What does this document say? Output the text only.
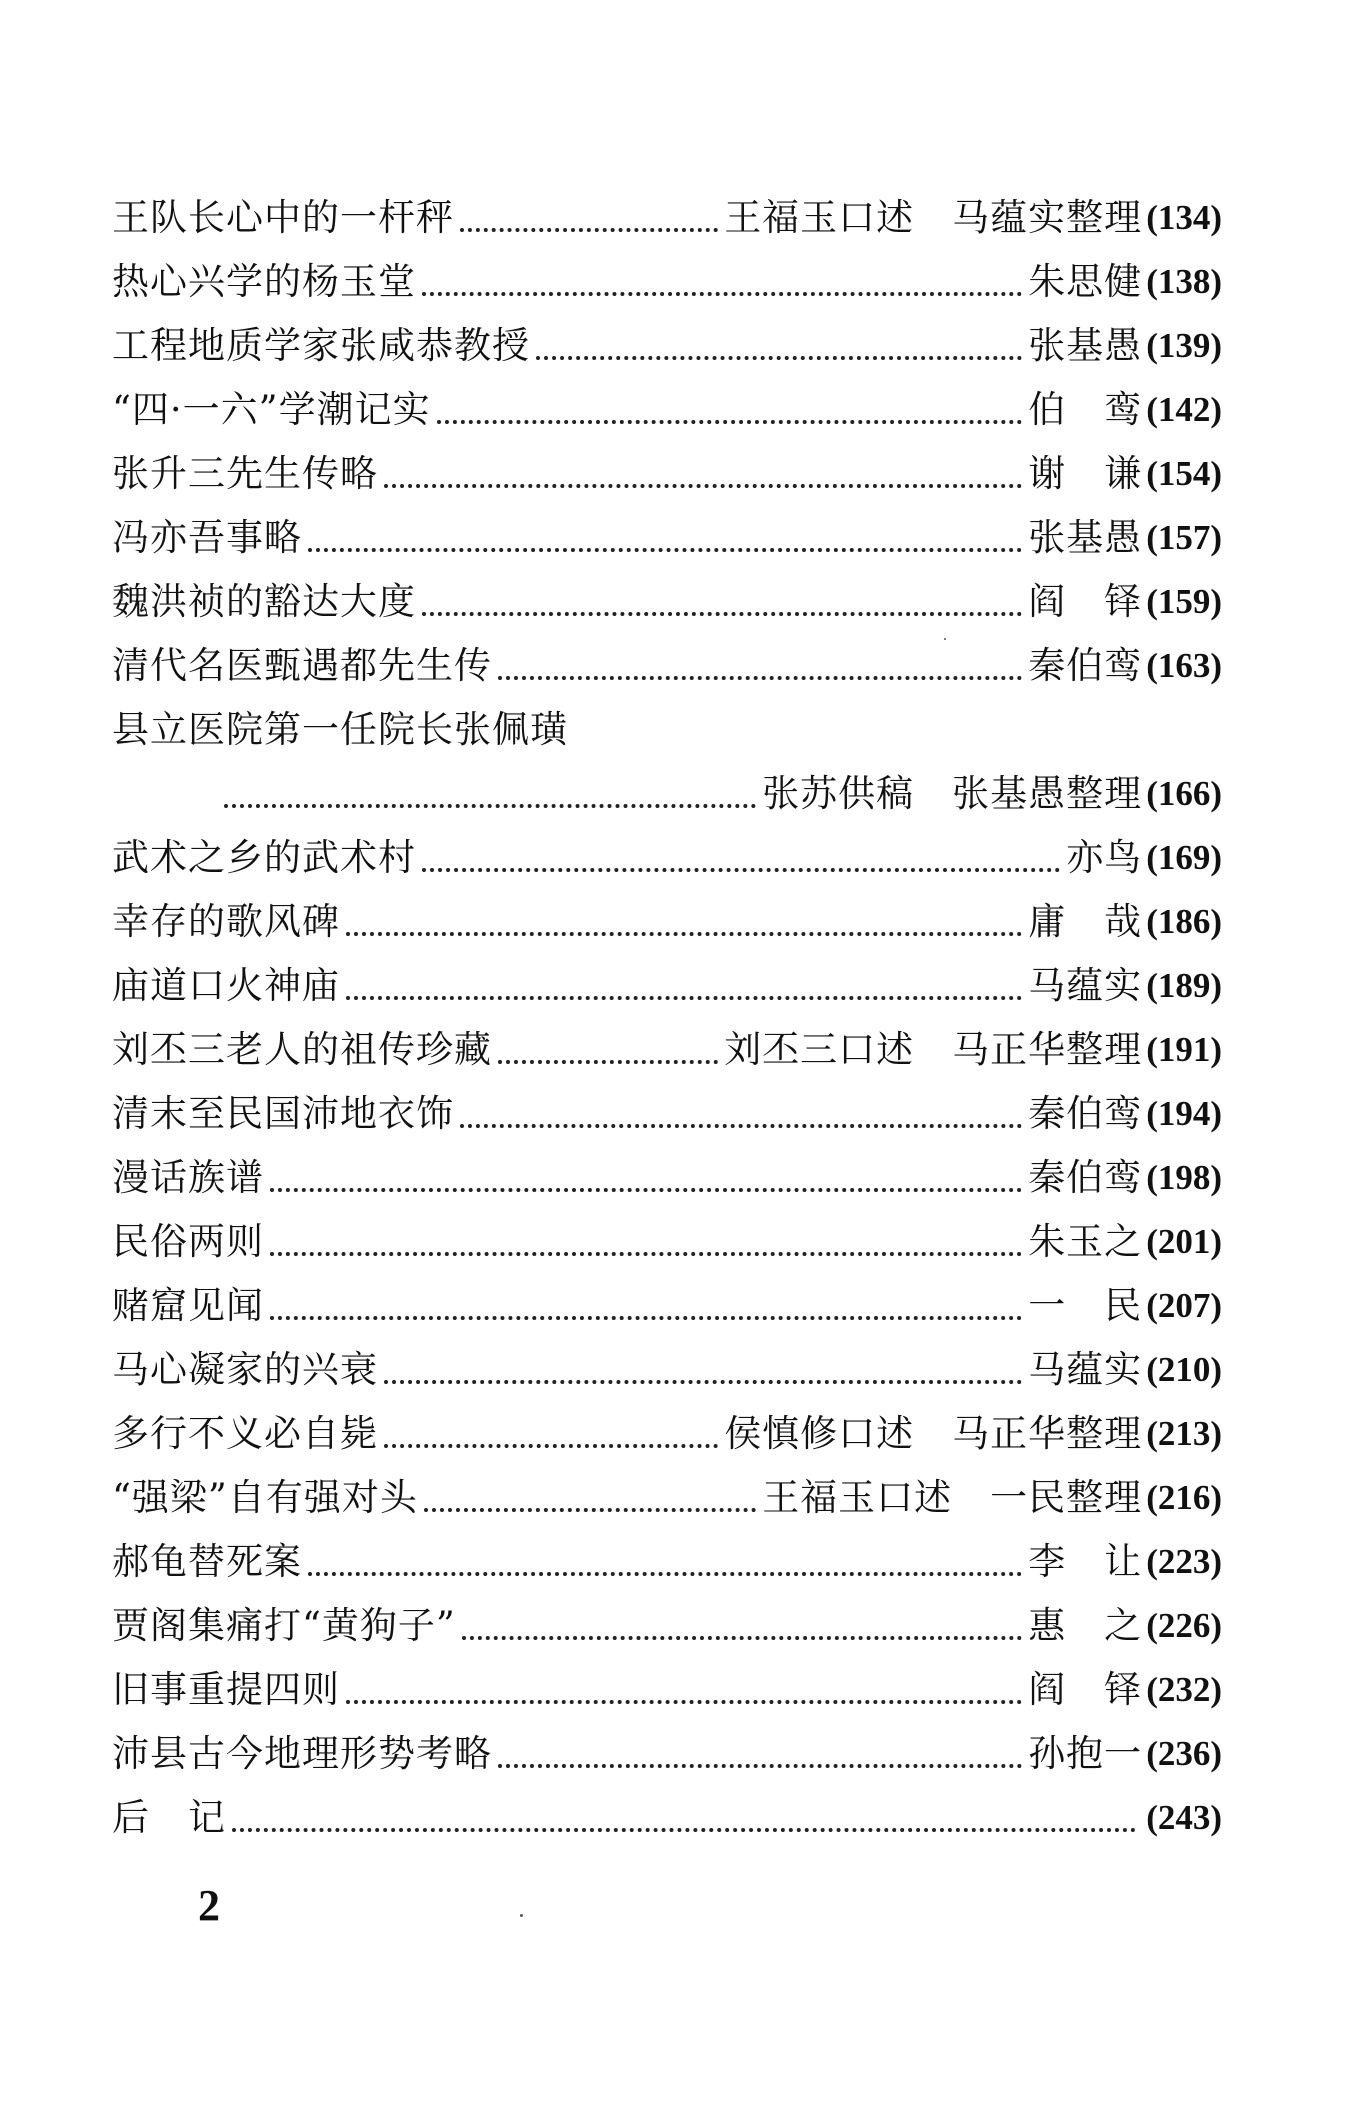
王队长心中的一杆秤	王福玉口述　马蕴实整理 (134)
热心兴学的杨玉堂	朱思健 (138)
工程地质学家张咸恭教授	张基愚 (139)
“四·一六”学潮记实	伯　鸾 (142)
张升三先生传略	谢　谦 (154)
冯亦吾事略	张基愚 (157)
魏洪祯的豁达大度	阎　铎 (159)
清代名医甄遇都先生传	秦伯鸾 (163)
县立医院第一任院长张佩璜
张苏供稿　张基愚整理 (166)
武术之乡的武术村	亦鸟 (169)
幸存的歌风碑	庸　哉 (186)
庙道口火神庙	马蕴实 (189)
刘丕三老人的祖传珍藏	刘丕三口述　马正华整理 (191)
清末至民国沛地衣饰	秦伯鸾 (194)
漫话族谱	秦伯鸾 (198)
民俗两则	朱玉之 (201)
赌窟见闻	一　民 (207)
马心凝家的兴衰	马蕴实 (210)
多行不义必自毙	侯慎修口述　马正华整理 (213)
“强梁”自有强对头	王福玉口述　一民整理 (216)
郝龟替死案	李　让 (223)
贾阁集痛打“黄狗子”	惠　之 (226)
旧事重提四则	阎　铎 (232)
沛县古今地理形势考略	孙抱一 (236)
后　记	(243)
2
